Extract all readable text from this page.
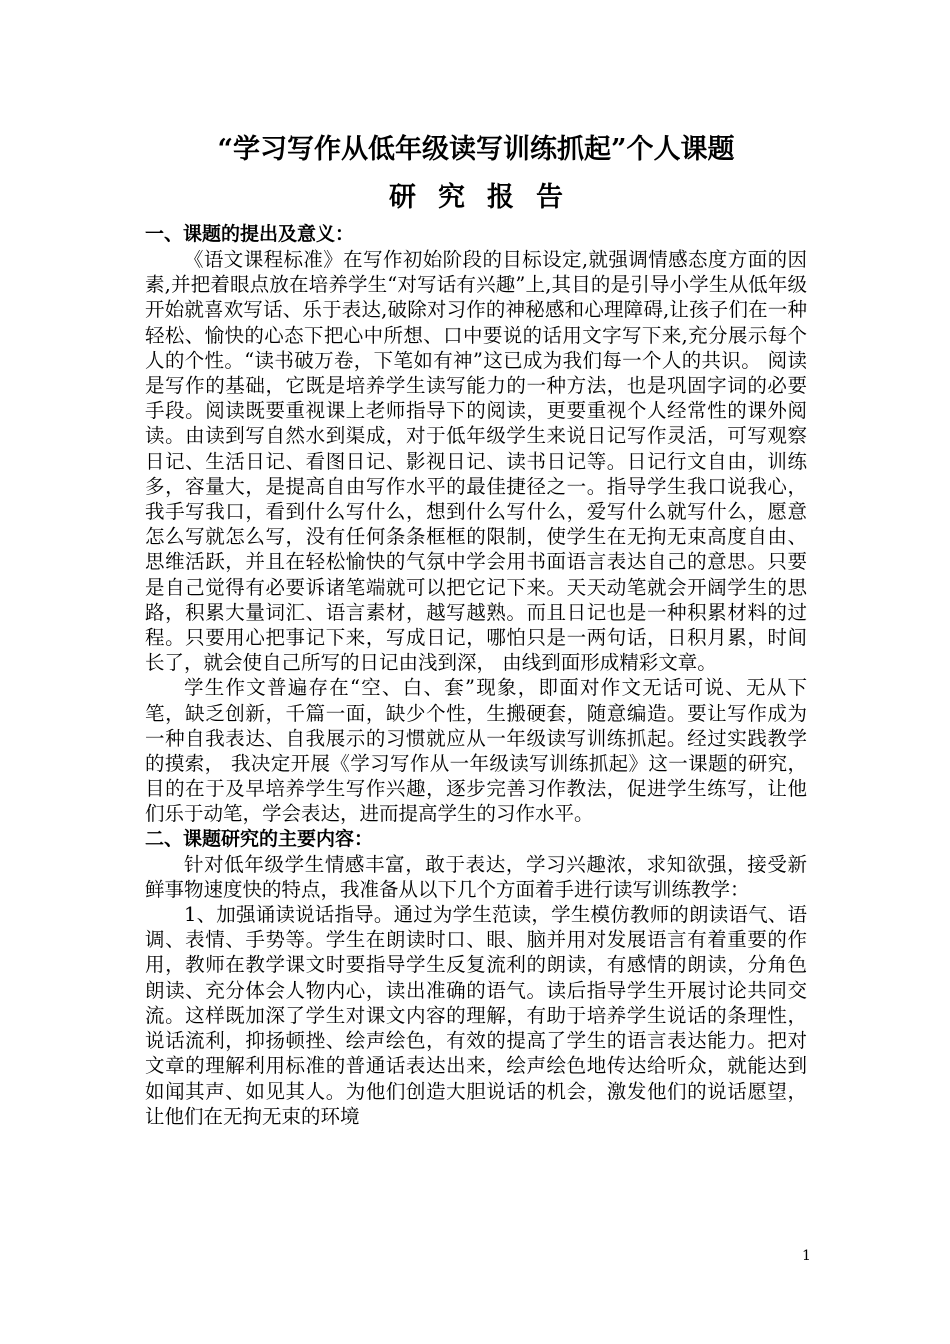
“学习写作从低年级读写训练抓起”个人课题
研究报告
一、课题的提出及意义：

《语文课程标准》在写作初始阶段的目标设定,就强调情感态度方面的因素,并把着眼点放在培养学生“对写话有兴趣”上,其目的是引导小学生从低年级开始就喜欢写话、乐于表达,破除对习作的神秘感和心理障碍,让孩子们在一种轻松、愉快的心态下把心中所想、口中要说的话用文字写下来,充分展示每个人的个性。“读书破万卷，下笔如有神”这已成为我们每一个人的共识。 阅读是写作的基础，它既是培养学生读写能力的一种方法，也是巩固字词的必要手段。阅读既要重视课上老师指导下的阅读，更要重视个人经常性的课外阅读。由读到写自然水到渠成，对于低年级学生来说日记写作灵活，可写观察日记、生活日记、看图日记、影视日记、读书日记等。日记行文自由，训练多，容量大，是提高自由写作水平的最佳捷径之一。指导学生我口说我心，我手写我口，看到什么写什么，想到什么写什么，爱写什么就写什么，愿意怎么写就怎么写，没有任何条条框框的限制，使学生在无拘无束高度自由、思维活跃，并且在轻松愉快的气氛中学会用书面语言表达自己的意思。只要是自己觉得有必要诉诸笔端就可以把它记下来。天天动笔就会开阔学生的思路，积累大量词汇、语言素材，越写越熟。而且日记也是一种积累材料的过程。只要用心把事记下来，写成日记，哪怕只是一两句话，日积月累，时间长了，就会使自己所写的日记由浅到深， 由线到面形成精彩文章。

学生作文普遍存在“空、白、套”现象，即面对作文无话可说、无从下笔，缺乏创新，千篇一面，缺少个性，生搬硬套，随意编造。要让写作成为一种自我表达、自我展示的习惯就应从一年级读写训练抓起。经过实践教学的摸索， 我决定开展《学习写作从一年级读写训练抓起》这一课题的研究，目的在于及早培养学生写作兴趣，逐步完善习作教法，促进学生练写，让他们乐于动笔，学会表达，进而提高学生的习作水平。

二、课题研究的主要内容：

针对低年级学生情感丰富，敢于表达，学习兴趣浓，求知欲强，接受新鲜事物速度快的特点，我准备从以下几个方面着手进行读写训练教学：

1、加强诵读说话指导。通过为学生范读，学生模仿教师的朗读语气、语调、表情、手势等。学生在朗读时口、眼、脑并用对发展语言有着重要的作用，教师在教学课文时要指导学生反复流利的朗读，有感情的朗读，分角色朗读、充分体会人物内心，读出准确的语气。读后指导学生开展讨论共同交流。这样既加深了学生对课文内容的理解，有助于培养学生说话的条理性，说话流利，抑扬顿挫、绘声绘色，有效的提高了学生的语言表达能力。把对文章的理解利用标准的普通话表达出来，绘声绘色地传达给听众，就能达到如闻其声、如见其人。为他们创造大胆说话的机会，激发他们的说话愿望，让他们在无拘无束的环境

1
